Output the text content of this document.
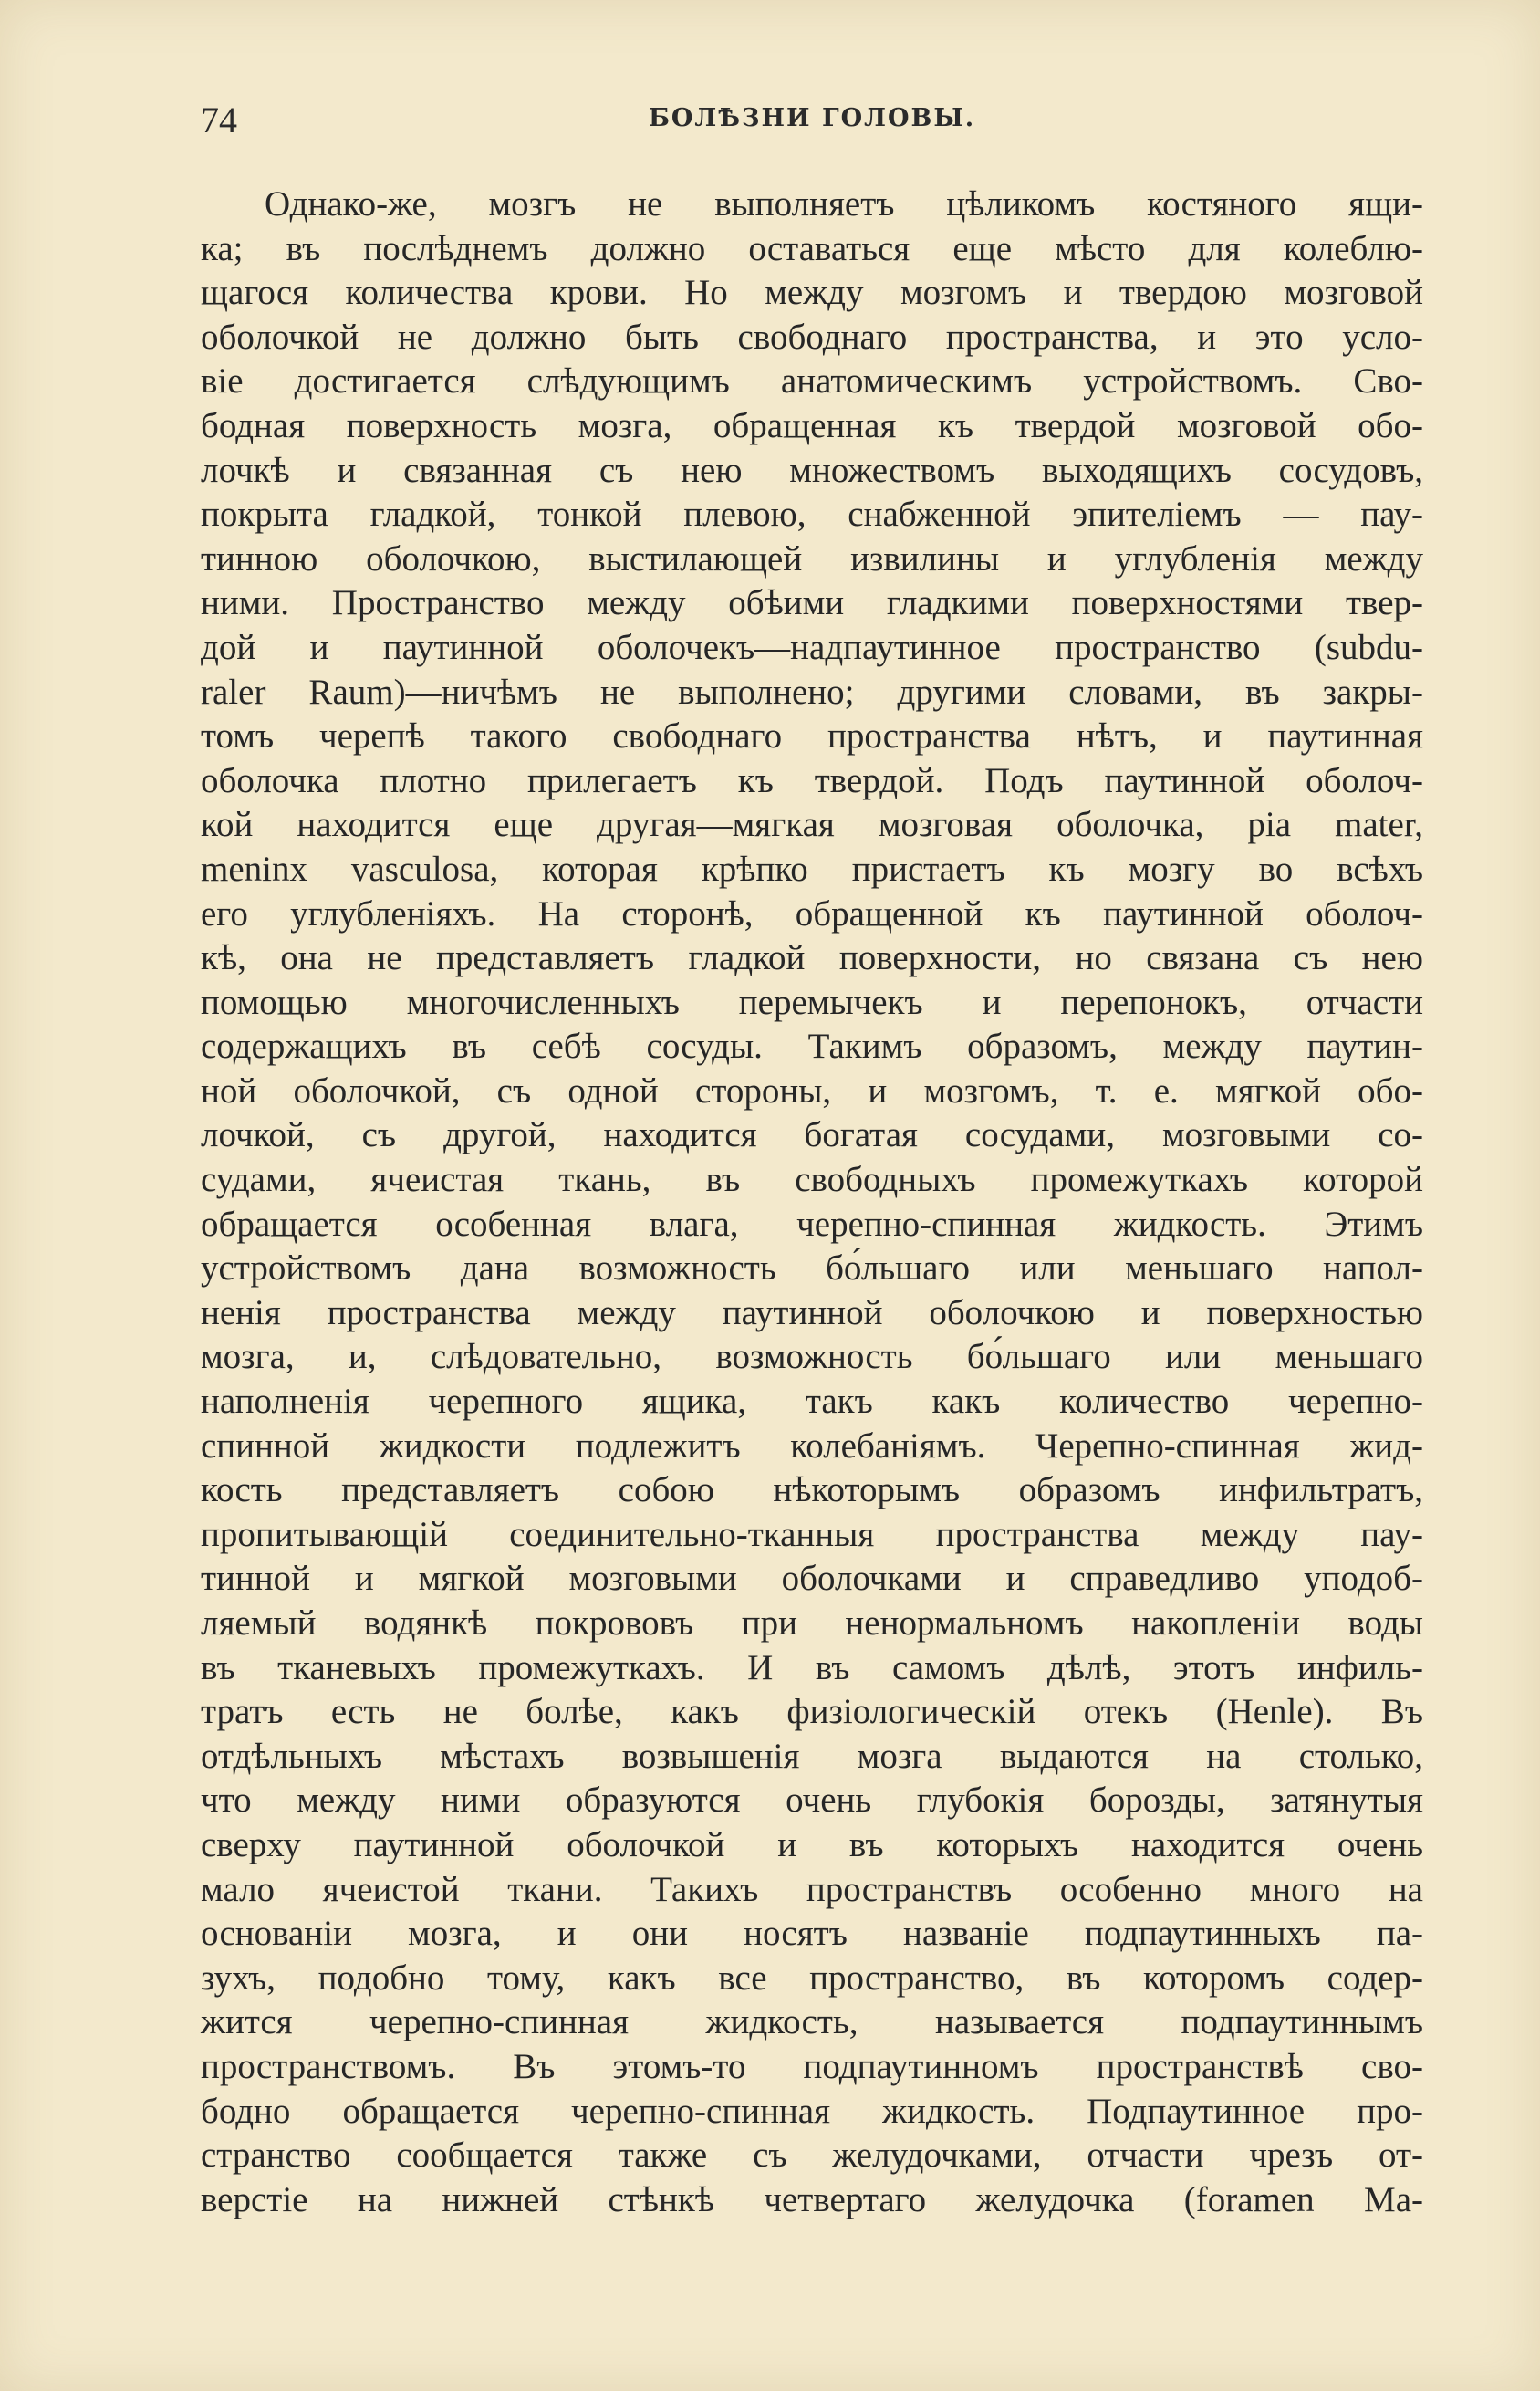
74	БОЛѢЗНИ ГОЛОВЫ.
Однако-же, мозгъ не выполняетъ цѣликомъ костяного ящи-
ка; въ послѣднемъ должно оставаться еще мѣсто для колеблю-
щагося количества крови. Но между мозгомъ и твердою мозговой
оболочкой не должно быть свободнаго пространства, и это усло-
віе достигается слѣдующимъ анатомическимъ устройствомъ. Сво-
бодная поверхность мозга, обращенная къ твердой мозговой обо-
лочкѣ и связанная съ нею множествомъ выходящихъ сосудовъ,
покрыта гладкой, тонкой плевою, снабженной эпителіемъ — пау-
тинною оболочкою, выстилающей извилины и углубленія между
ними. Пространство между обѣими гладкими поверхностями твер-
дой и паутинной оболочекъ—надпаутинное пространство (subdu-
raler Raum)—ничѣмъ не выполнено; другими словами, въ закры-
томъ черепѣ такого свободнаго пространства нѣтъ, и паутинная
оболочка плотно прилегаетъ къ твердой. Подъ паутинной оболоч-
кой находится еще другая—мягкая мозговая оболочка, pia mater,
meninx vasculosa, которая крѣпко пристаетъ къ мозгу во всѣхъ
его углубленіяхъ. На сторонѣ, обращенной къ паутинной оболоч-
кѣ, она не представляетъ гладкой поверхности, но связана съ нею
помощью многочисленныхъ перемычекъ и перепонокъ, отчасти
содержащихъ въ себѣ сосуды. Такимъ образомъ, между паутин-
ной оболочкой, съ одной стороны, и мозгомъ, т. е. мягкой обо-
лочкой, съ другой, находится богатая сосудами, мозговыми со-
судами, ячеистая ткань, въ свободныхъ промежуткахъ которой
обращается особенная влага, черепно-спинная жидкость. Этимъ
устройствомъ дана возможность бо́льшаго или меньшаго напол-
ненія пространства между паутинной оболочкою и поверхностью
мозга, и, слѣдовательно, возможность бо́льшаго или меньшаго
наполненія черепного ящика, такъ какъ количество черепно-
спинной жидкости подлежитъ колебаніямъ. Черепно-спинная жид-
кость представляетъ собою нѣкоторымъ образомъ инфильтратъ,
пропитывающій соединительно-тканныя пространства между пау-
тинной и мягкой мозговыми оболочками и справедливо уподоб-
ляемый водянкѣ покрововъ при ненормальномъ накопленіи воды
въ тканевыхъ промежуткахъ. И въ самомъ дѣлѣ, этотъ инфиль-
тратъ есть не болѣе, какъ физіологическій отекъ (Henle). Въ
отдѣльныхъ мѣстахъ возвышенія мозга выдаются на столько,
что между ними образуются очень глубокія борозды, затянутыя
сверху паутинной оболочкой и въ которыхъ находится очень
мало ячеистой ткани. Такихъ пространствъ особенно много на
основаніи мозга, и они носятъ названіе подпаутинныхъ па-
зухъ, подобно тому, какъ все пространство, въ которомъ содер-
жится черепно-спинная жидкость, называется подпаутиннымъ
пространствомъ. Въ этомъ-то подпаутинномъ пространствѣ сво-
бодно обращается черепно-спинная жидкость. Подпаутинное про-
странство сообщается также съ желудочками, отчасти чрезъ от-
верстіе на нижней стѣнкѣ четвертаго желудочка (foramen Ma-
